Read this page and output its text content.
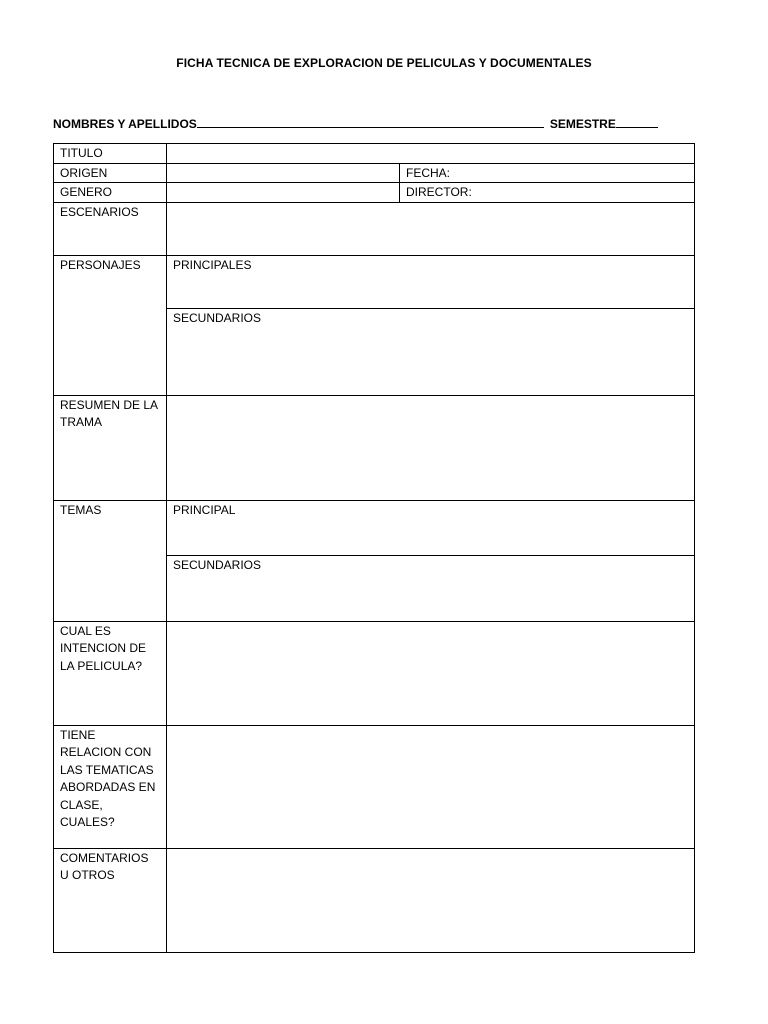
FICHA TECNICA DE EXPLORACION DE PELICULAS Y DOCUMENTALES
NOMBRES Y APELLIDOS	SEMESTRE
TITULO		
ORIGEN		FECHA:
GENERO		DIRECTOR:
ESCENARIOS		
PERSONAJES	PRINCIPALES	
	SECUNDARIOS	
RESUMEN DE LA TRAMA		
TEMAS	PRINCIPAL	
	SECUNDARIOS	
CUAL ES INTENCION DE LA PELICULA?		
TIENE RELACION CON LAS TEMATICAS ABORDADAS EN CLASE, CUALES?		
COMENTARIOS U OTROS		
